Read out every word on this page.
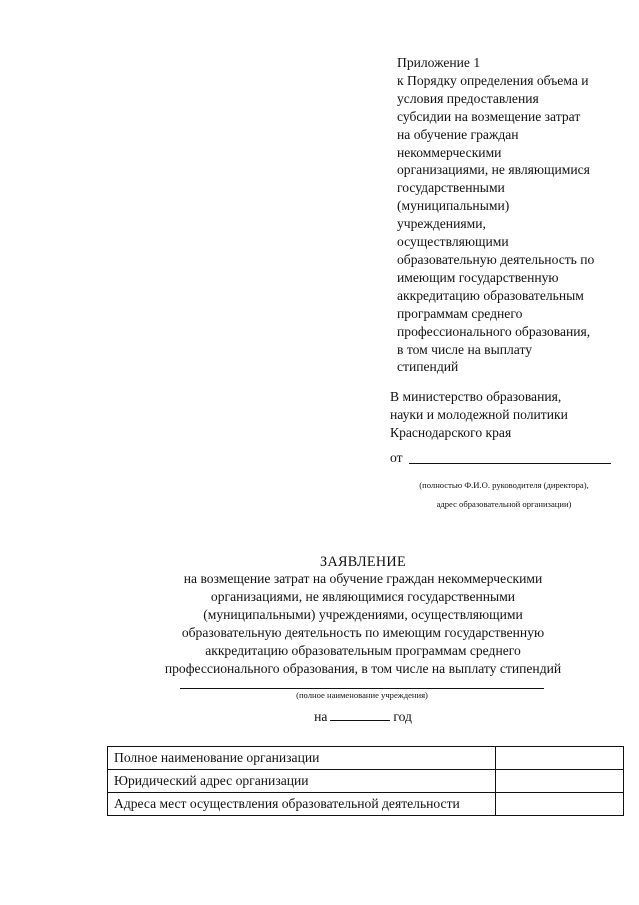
Приложение 1
к Порядку определения объема и
условия предоставления
субсидии на возмещение затрат
на обучение граждан
некоммерческими
организациями, не являющимися
государственными
(муниципальными)
учреждениями,
осуществляющими
образовательную деятельность по
имеющим государственную
аккредитацию образовательным
программам среднего
профессионального образования,
в том числе на выплату
стипендий
В министерство образования,
науки и молодежной политики
Краснодарского края
от
(полностью Ф.И.О. руководителя (директора),
адрес образовательной организации)
ЗАЯВЛЕНИЕ
на возмещение затрат на обучение граждан некоммерческими
организациями, не являющимися государственными
(муниципальными) учреждениями, осуществляющими
образовательную деятельность по имеющим государственную
аккредитацию образовательным программам среднего
профессионального образования, в том числе на выплату стипендий
(полное наименование учреждения)
на	год
Полное наименование организации	
Юридический адрес организации	
Адреса мест осуществления образовательной деятельности	
